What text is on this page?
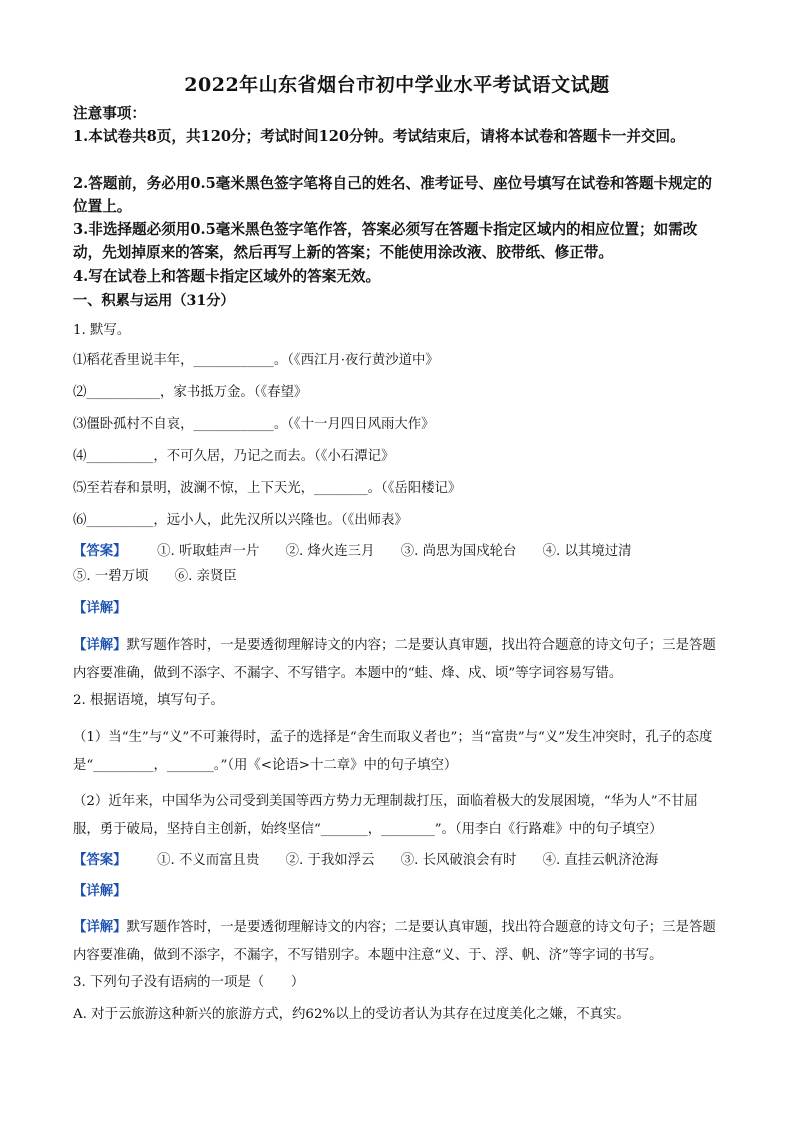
2022年山东省烟台市初中学业水平考试语文试题
注意事项：
1.本试卷共8页，共120分；考试时间120分钟。考试结束后，请将本试卷和答题卡一并交回。
2.答题前，务必用0.5毫米黑色签字笔将自己的姓名、准考证号、座位号填写在试卷和答题卡规定的位置上。
3.非选择题必须用0.5毫米黑色签字笔作答，答案必须写在答题卡指定区域内的相应位置；如需改动，先划掉原来的答案，然后再写上新的答案；不能使用涂改液、胶带纸、修正带。
4.写在试卷上和答题卡指定区域外的答案无效。
一、积累与运用（31分）
1. 默写。
⑴稻花香里说丰年，____________。（《西江月·夜行黄沙道中》
⑵___________，家书抵万金。（《春望》
⑶僵卧孤村不自哀，____________。（《十一月四日风雨大作》
⑷__________，不可久居，乃记之而去。（《小石潭记》
⑸至若春和景明，波澜不惊，上下天光，________。（《岳阳楼记》
⑹__________，远小人，此先汉所以兴隆也。（《出师表》
【答案】 ①. 听取蛙声一片 ②. 烽火连三月 ③. 尚思为国戍轮台 ④. 以其境过清
⑤. 一碧万顷 ⑥. 亲贤臣
【详解】
【详解】默写题作答时，一是要透彻理解诗文的内容；二是要认真审题，找出符合题意的诗文句子；三是答题内容要准确，做到不添字、不漏字、不写错字。本题中的“蛙、烽、戍、顷”等字词容易写错。
2. 根据语境，填写句子。
（1）当“生”与“义”不可兼得时，孟子的选择是“舍生而取义者也”；当“富贵”与“义”发生冲突时，孔子的态度是“_________，_______。”（用《<论语>十二章》中的句子填空）
（2）近年来，中国华为公司受到美国等西方势力无理制裁打压，面临着极大的发展困境，“华为人”不甘屈服，勇于破局，坚持自主创新，始终坚信“_______，________”。（用李白《行路难》中的句子填空）
【答案】 ①. 不义而富且贵 ②. 于我如浮云 ③. 长风破浪会有时 ④. 直挂云帆济沧海
【详解】
【详解】默写题作答时，一是要透彻理解诗文的内容；二是要认真审题，找出符合题意的诗文句子；三是答题内容要准确，做到不添字，不漏字，不写错别字。本题中注意“义、于、浮、帆、济”等字词的书写。
3. 下列句子没有语病的一项是（　　）
A. 对于云旅游这种新兴的旅游方式，约62%以上的受访者认为其存在过度美化之嫌，不真实。
